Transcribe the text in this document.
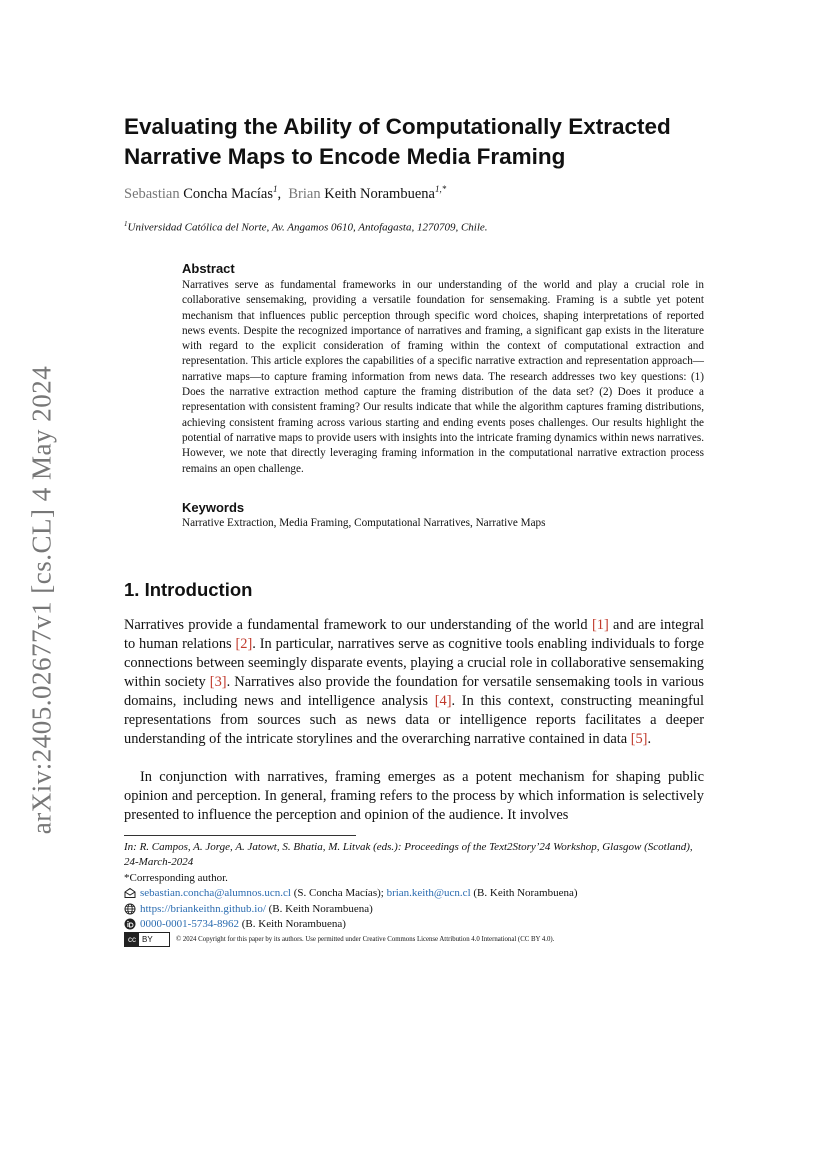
arXiv:2405.02677v1 [cs.CL] 4 May 2024
Evaluating the Ability of Computationally Extracted
Narrative Maps to Encode Media Framing
Sebastian Concha Macías$^1$,  Brian Keith Norambuena$^{1,*}$
$^1$Universidad Católica del Norte, Av. Angamos 0610, Antofagasta, 1270709, Chile.
Abstract
Narratives serve as fundamental frameworks in our understanding of the world and play a crucial role in collaborative sensemaking, providing a versatile foundation for sensemaking. Framing is a subtle yet potent mechanism that influences public perception through specific word choices, shaping interpretations of reported news events. Despite the recognized importance of narratives and framing, a significant gap exists in the literature with regard to the explicit consideration of framing within the context of computational extraction and representation. This article explores the capabilities of a specific narrative extraction and representation approach—narrative maps—to capture framing information from news data. The research addresses two key questions: (1) Does the narrative extraction method capture the framing distribution of the data set? (2) Does it produce a representation with consistent framing? Our results indicate that while the algorithm captures framing distributions, achieving consistent framing across various starting and ending events poses challenges. Our results highlight the potential of narrative maps to provide users with insights into the intricate framing dynamics within news narratives. However, we note that directly leveraging framing information in the computational narrative extraction process remains an open challenge.
Keywords
Narrative Extraction, Media Framing, Computational Narratives, Narrative Maps
1. Introduction
Narratives provide a fundamental framework to our understanding of the world [1] and are integral to human relations [2]. In particular, narratives serve as cognitive tools enabling individuals to forge connections between seemingly disparate events, playing a crucial role in collaborative sensemaking within society [3]. Narratives also provide the foundation for versatile sensemaking tools in various domains, including news and intelligence analysis [4]. In this context, constructing meaningful representations from sources such as news data or intelligence reports facilitates a deeper understanding of the intricate storylines and the overarching narrative contained in data [5].
In conjunction with narratives, framing emerges as a potent mechanism for shaping public opinion and perception. In general, framing refers to the process by which information is selectively presented to influence the perception and opinion of the audience. It involves
In: R. Campos, A. Jorge, A. Jatowt, S. Bhatia, M. Litvak (eds.): Proceedings of the Text2Story’24 Workshop, Glasgow (Scotland), 24-March-2024
*Corresponding author.
sebastian.concha@alumnos.ucn.cl (S. Concha Macías); brian.keith@ucn.cl (B. Keith Norambuena)
https://briankeithn.github.io/ (B. Keith Norambuena)
0000-0001-5734-8962 (B. Keith Norambuena)
cc BY	© 2024 Copyright for this paper by its authors. Use permitted under Creative Commons License Attribution 4.0 International (CC BY 4.0).
